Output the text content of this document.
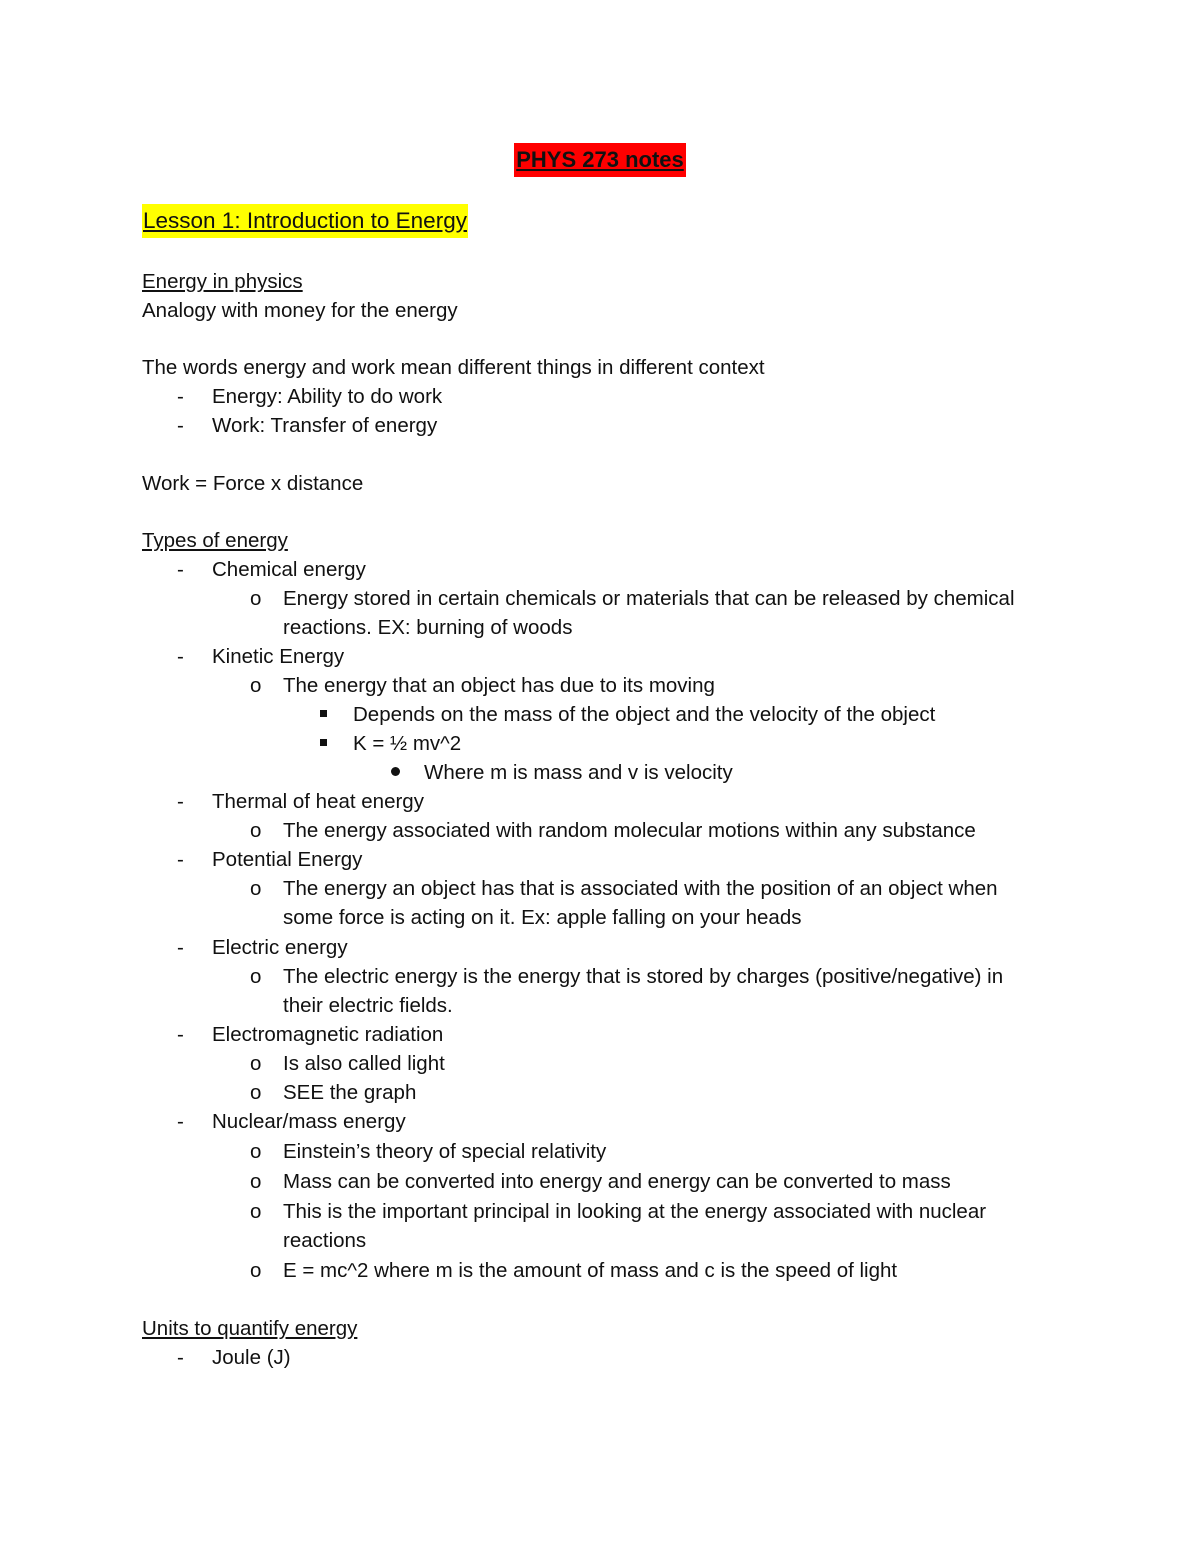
PHYS 273 notes
Lesson 1: Introduction to Energy
Energy in physics
Analogy with money for the energy
The words energy and work mean different things in different context
- Energy: Ability to do work
- Work: Transfer of energy
Work = Force x distance
Types of energy
- Chemical energy
o Energy stored in certain chemicals or materials that can be released by chemical
reactions. EX: burning of woods
- Kinetic Energy
o The energy that an object has due to its moving
Depends on the mass of the object and the velocity of the object
K = ½ mv^2
Where m is mass and v is velocity
- Thermal of heat energy
o The energy associated with random molecular motions within any substance
- Potential Energy
o The energy an object has that is associated with the position of an object when
some force is acting on it. Ex: apple falling on your heads
- Electric energy
o The electric energy is the energy that is stored by charges (positive/negative) in
their electric fields.
- Electromagnetic radiation
o Is also called light
o SEE the graph
- Nuclear/mass energy
o Einstein’s theory of special relativity
o Mass can be converted into energy and energy can be converted to mass
o This is the important principal in looking at the energy associated with nuclear
reactions
o E = mc^2 where m is the amount of mass and c is the speed of light
Units to quantify energy
- Joule (J)
